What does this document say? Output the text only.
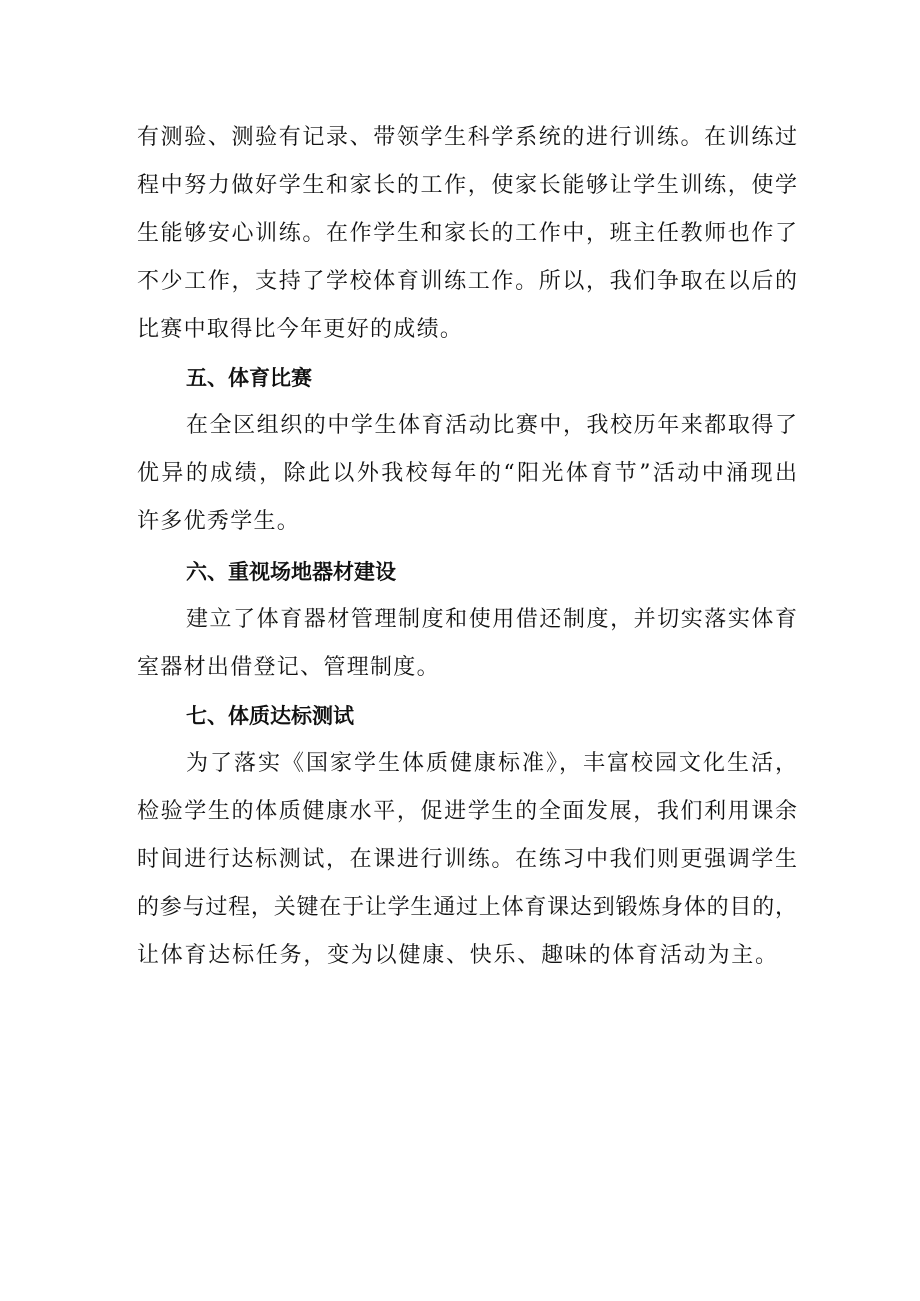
有测验、测验有记录、带领学生科学系统的进行训练。在训练过
程中努力做好学生和家长的工作，使家长能够让学生训练，使学
生能够安心训练。在作学生和家长的工作中，班主任教师也作了
不少工作，支持了学校体育训练工作。所以，我们争取在以后的
比赛中取得比今年更好的成绩。
五、体育比赛
在全区组织的中学生体育活动比赛中，我校历年来都取得了
优异的成绩，除此以外我校每年的“阳光体育节”活动中涌现出
许多优秀学生。
六、重视场地器材建设
建立了体育器材管理制度和使用借还制度，并切实落实体育
室器材出借登记、管理制度。
七、体质达标测试
为了落实《国家学生体质健康标准》，丰富校园文化生活，
检验学生的体质健康水平，促进学生的全面发展，我们利用课余
时间进行达标测试，在课进行训练。在练习中我们则更强调学生
的参与过程，关键在于让学生通过上体育课达到锻炼身体的目的，
让体育达标任务，变为以健康、快乐、趣味的体育活动为主。
